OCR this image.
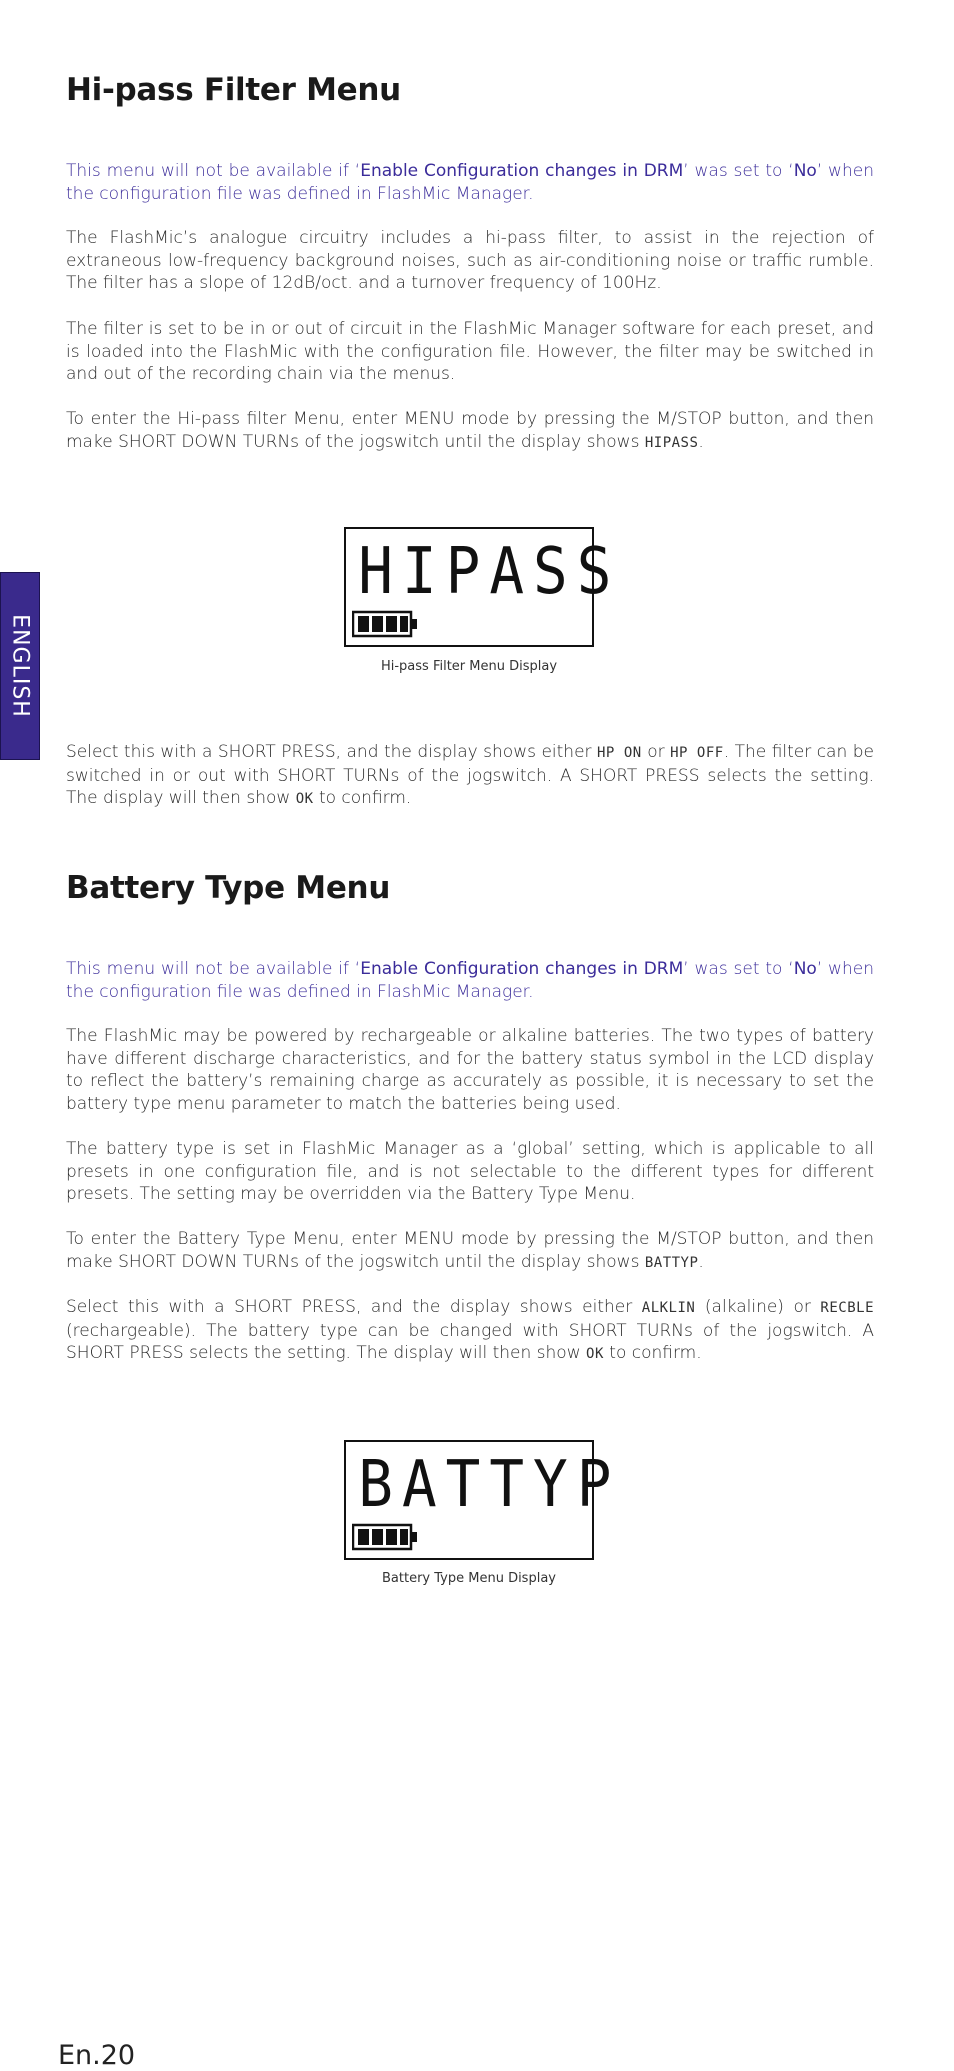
ENGLISH
Hi-pass Filter Menu

This menu will not be available if ‘Enable Configuration changes in DRM’ was set to ‘No’ when the configuration file was defined in FlashMic Manager.

The FlashMic’s analogue circuitry includes a hi-pass filter, to assist in the rejection of extraneous low-frequency background noises, such as air-conditioning noise or traffic rumble. The filter has a slope of 12dB/oct. and a turnover frequency of 100Hz.

The filter is set to be in or out of circuit in the FlashMic Manager software for each preset, and is loaded into the FlashMic with the configuration file. However, the filter may be switched in and out of the recording chain via the menus.

To enter the Hi-pass filter Menu, enter MENU mode by pressing the M/STOP button, and then make SHORT DOWN TURNs of the jogswitch until the display shows HIPASS.

Select this with a SHORT PRESS, and the display shows either HP ON or HP OFF. The filter can be switched in or out with SHORT TURNs of the jogswitch. A SHORT PRESS selects the setting. The display will then show OK to confirm.

Battery Type Menu

This menu will not be available if ‘Enable Configuration changes in DRM’ was set to ‘No’ when the configuration file was defined in FlashMic Manager.

The FlashMic may be powered by rechargeable or alkaline batteries. The two types of battery have different discharge characteristics, and for the battery status symbol in the LCD display to reflect the battery’s remaining charge as accurately as possible, it is necessary to set the battery type menu parameter to match the batteries being used.

The battery type is set in FlashMic Manager as a ‘global’ setting, which is applicable to all presets in one configuration file, and is not selectable to the different types for different presets. The setting may be overridden via the Battery Type Menu.

To enter the Battery Type Menu, enter MENU mode by pressing the M/STOP button, and then make SHORT DOWN TURNs of the jogswitch until the display shows BATTYP.

Select this with a SHORT PRESS, and the display shows either ALKLIN (alkaline) or RECBLE (rechargeable). The battery type can be changed with SHORT TURNs of the jogswitch. A SHORT PRESS selects the setting. The display will then show OK to confirm.

HIPASS
Hi-pass Filter Menu Display
BATTYP
Battery Type Menu Display
En.20
